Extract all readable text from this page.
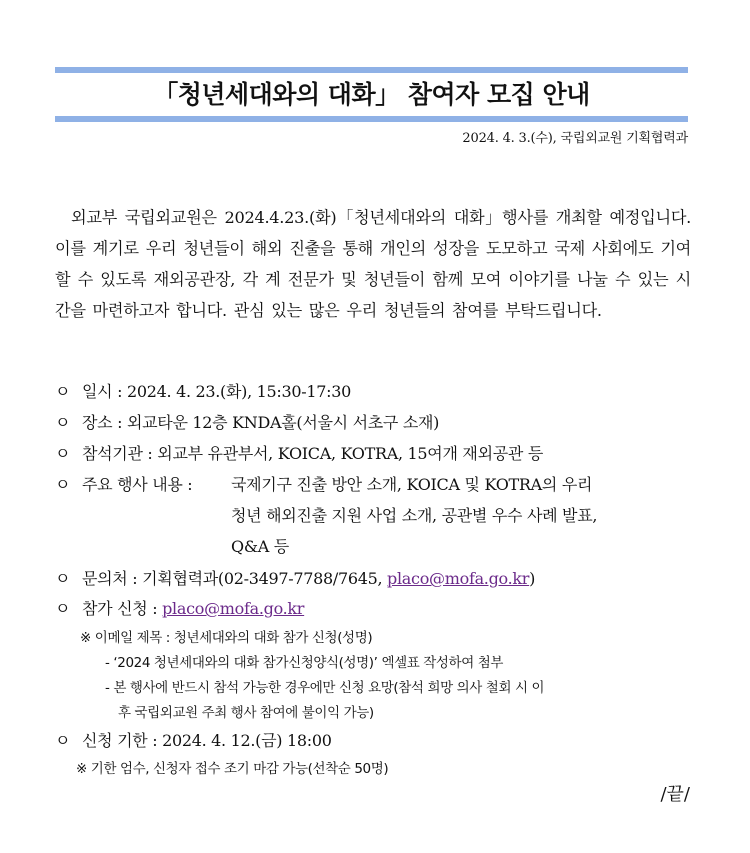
「청년세대와의 대화」 참여자 모집 안내
2024. 4. 3.(수), 국립외교원 기획협력과
외교부 국립외교원은 2024.4.23.(화)「청년세대와의 대화」행사를 개최할 예정입니다. 이를 계기로 우리 청년들이 해외 진출을 통해 개인의 성장을 도모하고 국제 사회에도 기여할 수 있도록 재외공관장, 각 계 전문가 및 청년들이 함께 모여 이야기를 나눌 수 있는 시간을 마련하고자 합니다. 관심 있는 많은 우리 청년들의 참여를 부탁드립니다.
ㅇ 일시 : 2024. 4. 23.(화), 15:30-17:30
ㅇ 장소 : 외교타운 12층 KNDA홀(서울시 서초구 소재)
ㅇ 참석기관 : 외교부 유관부서, KOICA, KOTRA, 15여개 재외공관 등
ㅇ 주요 행사 내용 : 국제기구 진출 방안 소개, KOICA 및 KOTRA의 우리
청년 해외진출 지원 사업 소개, 공관별 우수 사례 발표,
Q&A 등
ㅇ 문의처 : 기획협력과(02-3497-7788/7645, placo@mofa.go.kr)
ㅇ 참가 신청 : placo@mofa.go.kr
※ 이메일 제목 : 청년세대와의 대화 참가 신청(성명)
- ‘2024 청년세대와의 대화 참가신청양식(성명)’ 엑셀표 작성하여 첨부
- 본 행사에 반드시 참석 가능한 경우에만 신청 요망(참석 희망 의사 철회 시 이
후 국립외교원 주최 행사 참여에 불이익 가능)
ㅇ 신청 기한 : 2024. 4. 12.(금) 18:00
※ 기한 엄수, 신청자 접수 조기 마감 가능(선착순 50명)
/끝/
